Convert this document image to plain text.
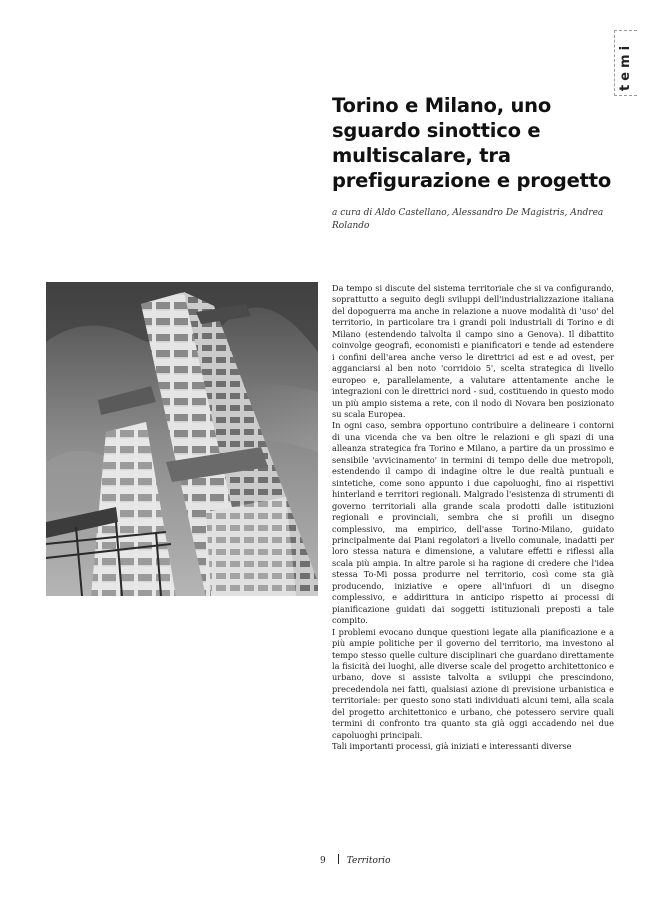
temi
Torino e Milano, uno sguardo sinottico e multiscalare, tra prefigurazione e progetto
a cura di Aldo Castellano, Alessandro De Magistris, Andrea Rolando

Da tempo si discute del sistema territoriale che si va configurando, soprattutto a seguito degli sviluppi dell'industrializzazione italiana del dopoguerra ma anche in relazione a nuove modalità di 'uso' del territorio, in particolare tra i grandi poli industriali di Torino e di Milano (estendendo talvolta il campo sino a Genova). Il dibattito coinvolge geografi, economisti e pianificatori e tende ad estendere i confini dell'area anche verso le direttrici ad est e ad ovest, per agganciarsi al ben noto 'corridoio 5', scelta strategica di livello europeo e, parallelamente, a valutare attentamente anche le integrazioni con le direttrici nord - sud, costituendo in questo modo un più ampio sistema a rete, con il nodo di Novara ben posizionato su scala Europea.

In ogni caso, sembra opportuno contribuire a delineare i contorni di una vicenda che va ben oltre le relazioni e gli spazi di una alleanza strategica fra Torino e Milano, a partire da un prossimo e sensibile 'avvicinamento' in termini di tempo delle due metropoli, estendendo il campo di indagine oltre le due realtà puntuali e sintetiche, come sono appunto i due capoluoghi, fino ai rispettivi hinterland e territori regionali. Malgrado l'esistenza di strumenti di governo territoriali alla grande scala prodotti dalle istituzioni regionali e provinciali, sembra che si profili un disegno complessivo, ma empirico, dell'asse Torino-Milano, guidato principalmente dai Piani regolatori a livello comunale, inadatti per loro stessa natura e dimensione, a valutare effetti e riflessi alla scala più ampia. In altre parole si ha ragione di credere che l'idea stessa To-Mi possa produrre nel territorio, così come sta già producendo, iniziative e opere all'infuori di un disegno complessivo, e addirittura in anticipo rispetto ai processi di pianificazione guidati dai soggetti istituzionali preposti a tale compito.

I problemi evocano dunque questioni legate alla pianificazione e a più ampie politiche per il governo del territorio, ma investono al tempo stesso quelle culture disciplinari che guardano direttamente la fisicità dei luoghi, alle diverse scale del progetto architettonico e urbano, dove si assiste talvolta a sviluppi che prescindono, precedendola nei fatti, qualsiasi azione di previsione urbanistica e territoriale: per questo sono stati individuati alcuni temi, alla scala del progetto architettonico e urbano, che potessero servire quali termini di confronto tra quanto sta già oggi accadendo nei due capoluoghi principali.

Tali importanti processi, già iniziati e interessanti diverse

9 Territorio
